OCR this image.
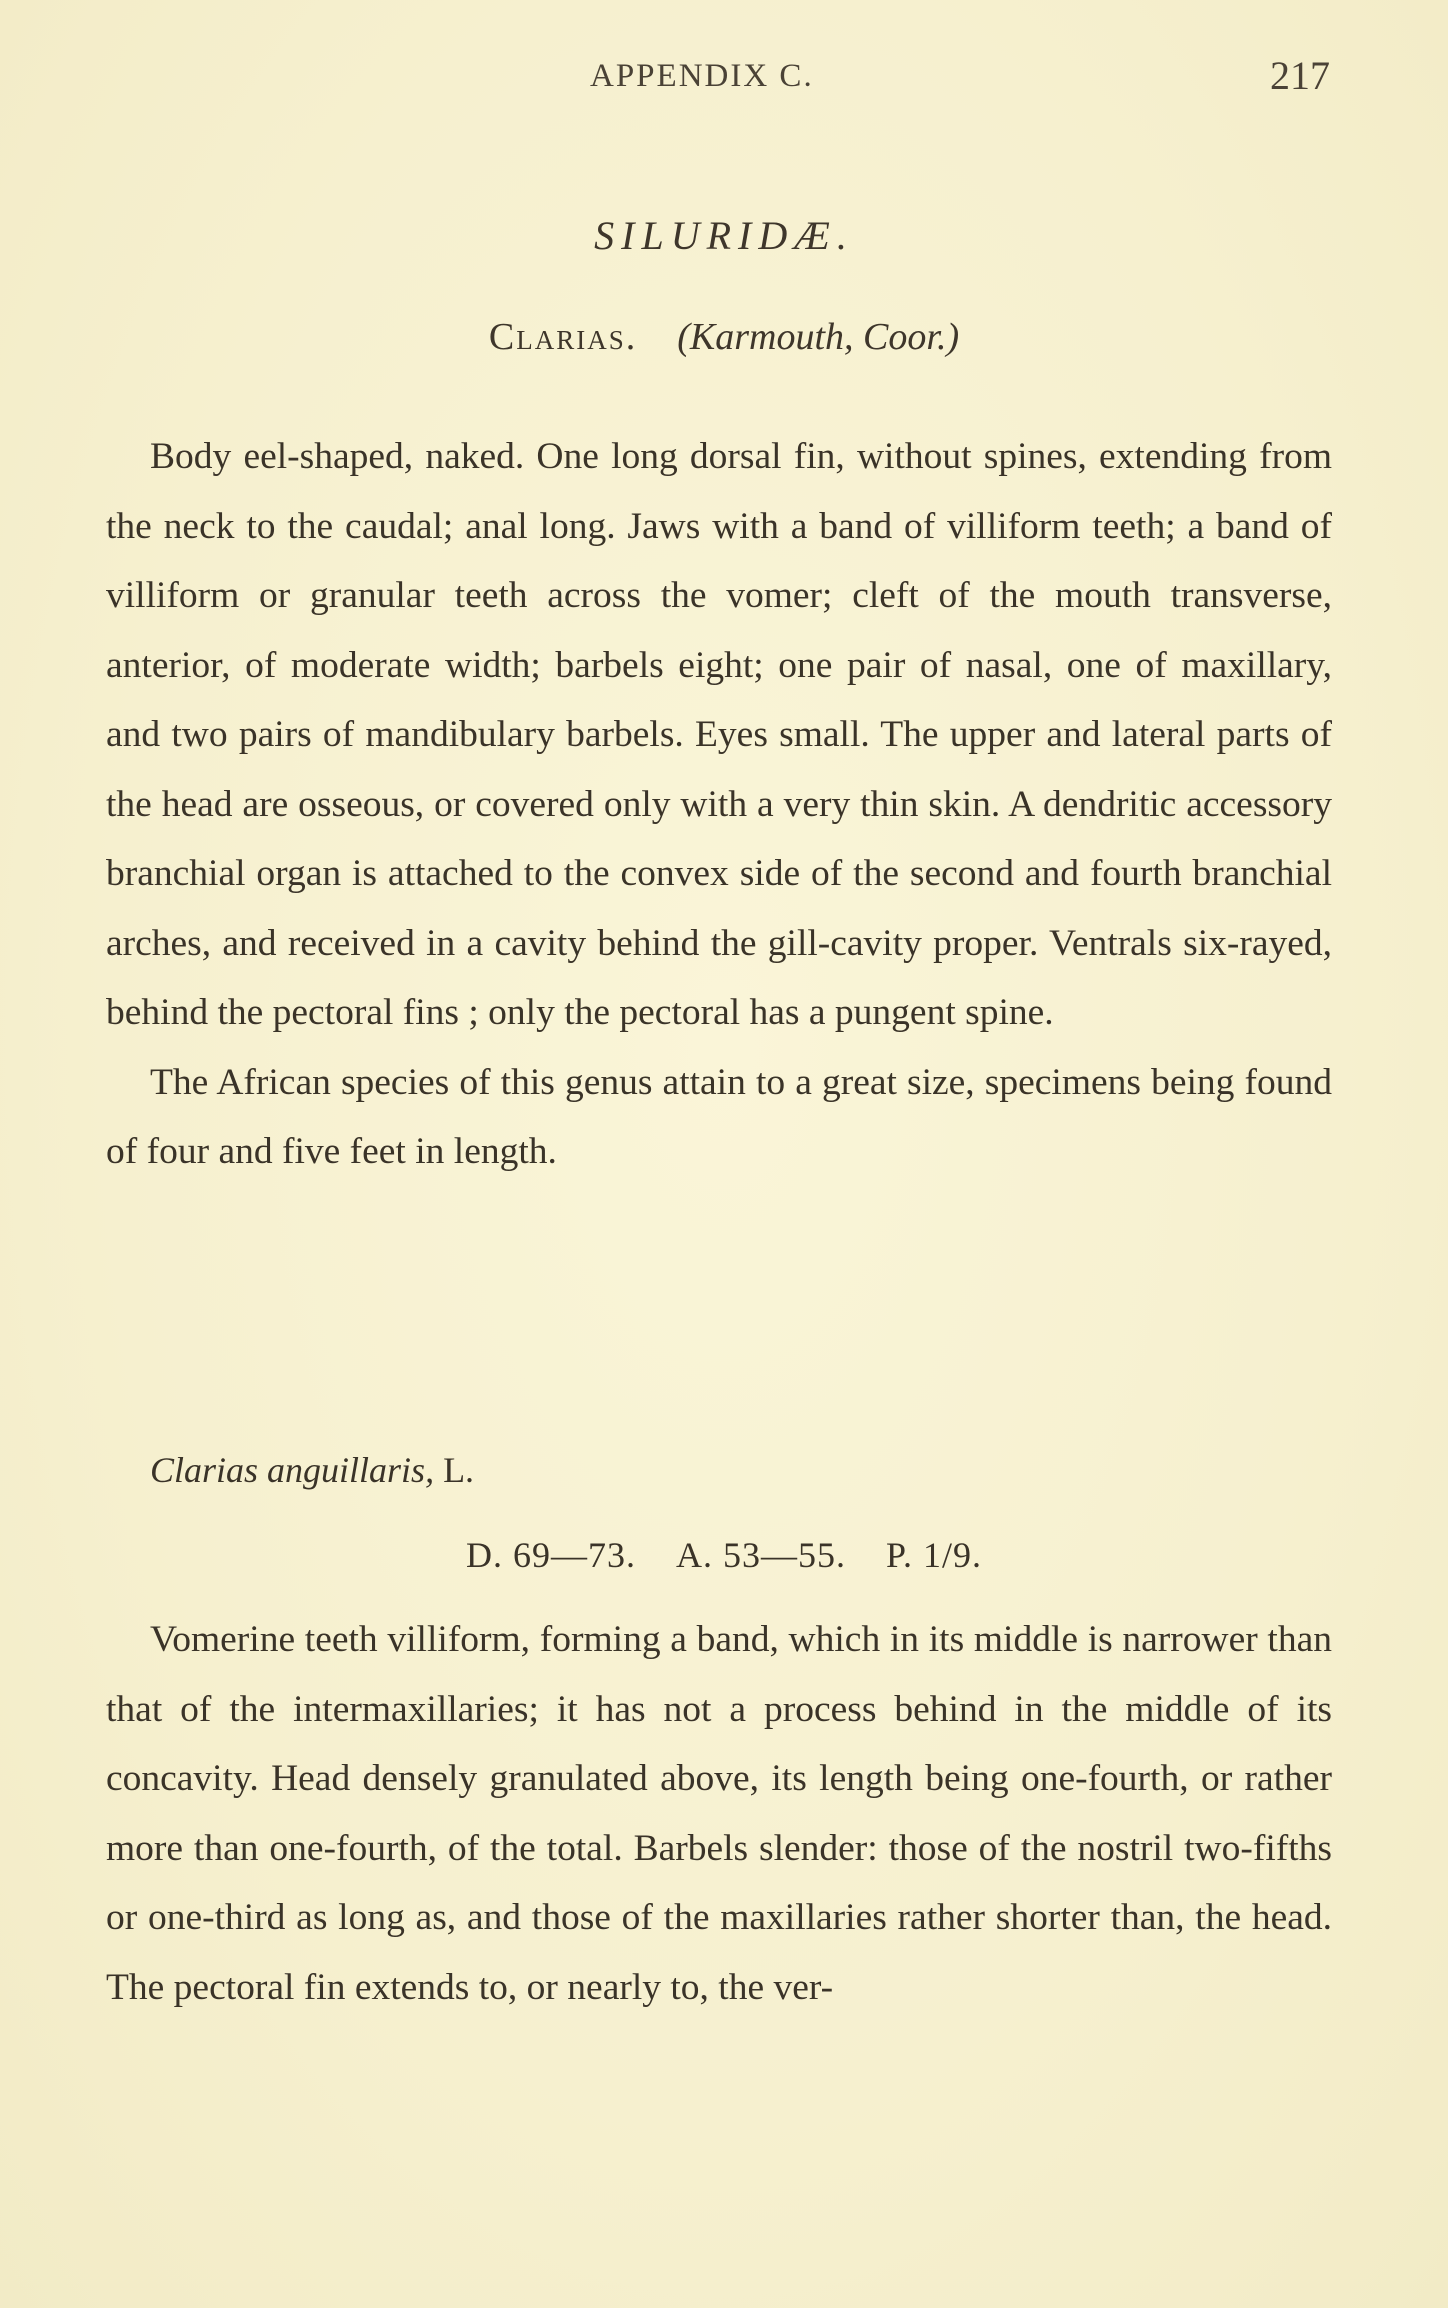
APPENDIX C.	217
SILURIDÆ.
Clarias. (Karmouth, Coor.)

Body eel-shaped, naked. One long dorsal fin, without spines, extending from the neck to the caudal; anal long. Jaws with a band of villiform teeth; a band of villiform or granular teeth across the vomer; cleft of the mouth transverse, anterior, of moderate width; barbels eight; one pair of nasal, one of maxillary, and two pairs of mandibulary barbels. Eyes small. The upper and lateral parts of the head are osseous, or covered only with a very thin skin. A dendritic accessory branchial organ is attached to the convex side of the second and fourth branchial arches, and received in a cavity behind the gill-cavity proper. Ventrals six-rayed, behind the pectoral fins ; only the pectoral has a pungent spine.

The African species of this genus attain to a great size, specimens being found of four and five feet in length.

Clarias anguillaris, L.
D. 69—73. A. 53—55. P. 1/9.

Vomerine teeth villiform, forming a band, which in its middle is narrower than that of the intermaxillaries; it has not a process behind in the middle of its concavity. Head densely granulated above, its length being one-fourth, or rather more than one-fourth, of the total. Barbels slender: those of the nostril two-fifths or one-third as long as, and those of the maxillaries rather shorter than, the head. The pectoral fin extends to, or nearly to, the ver-
